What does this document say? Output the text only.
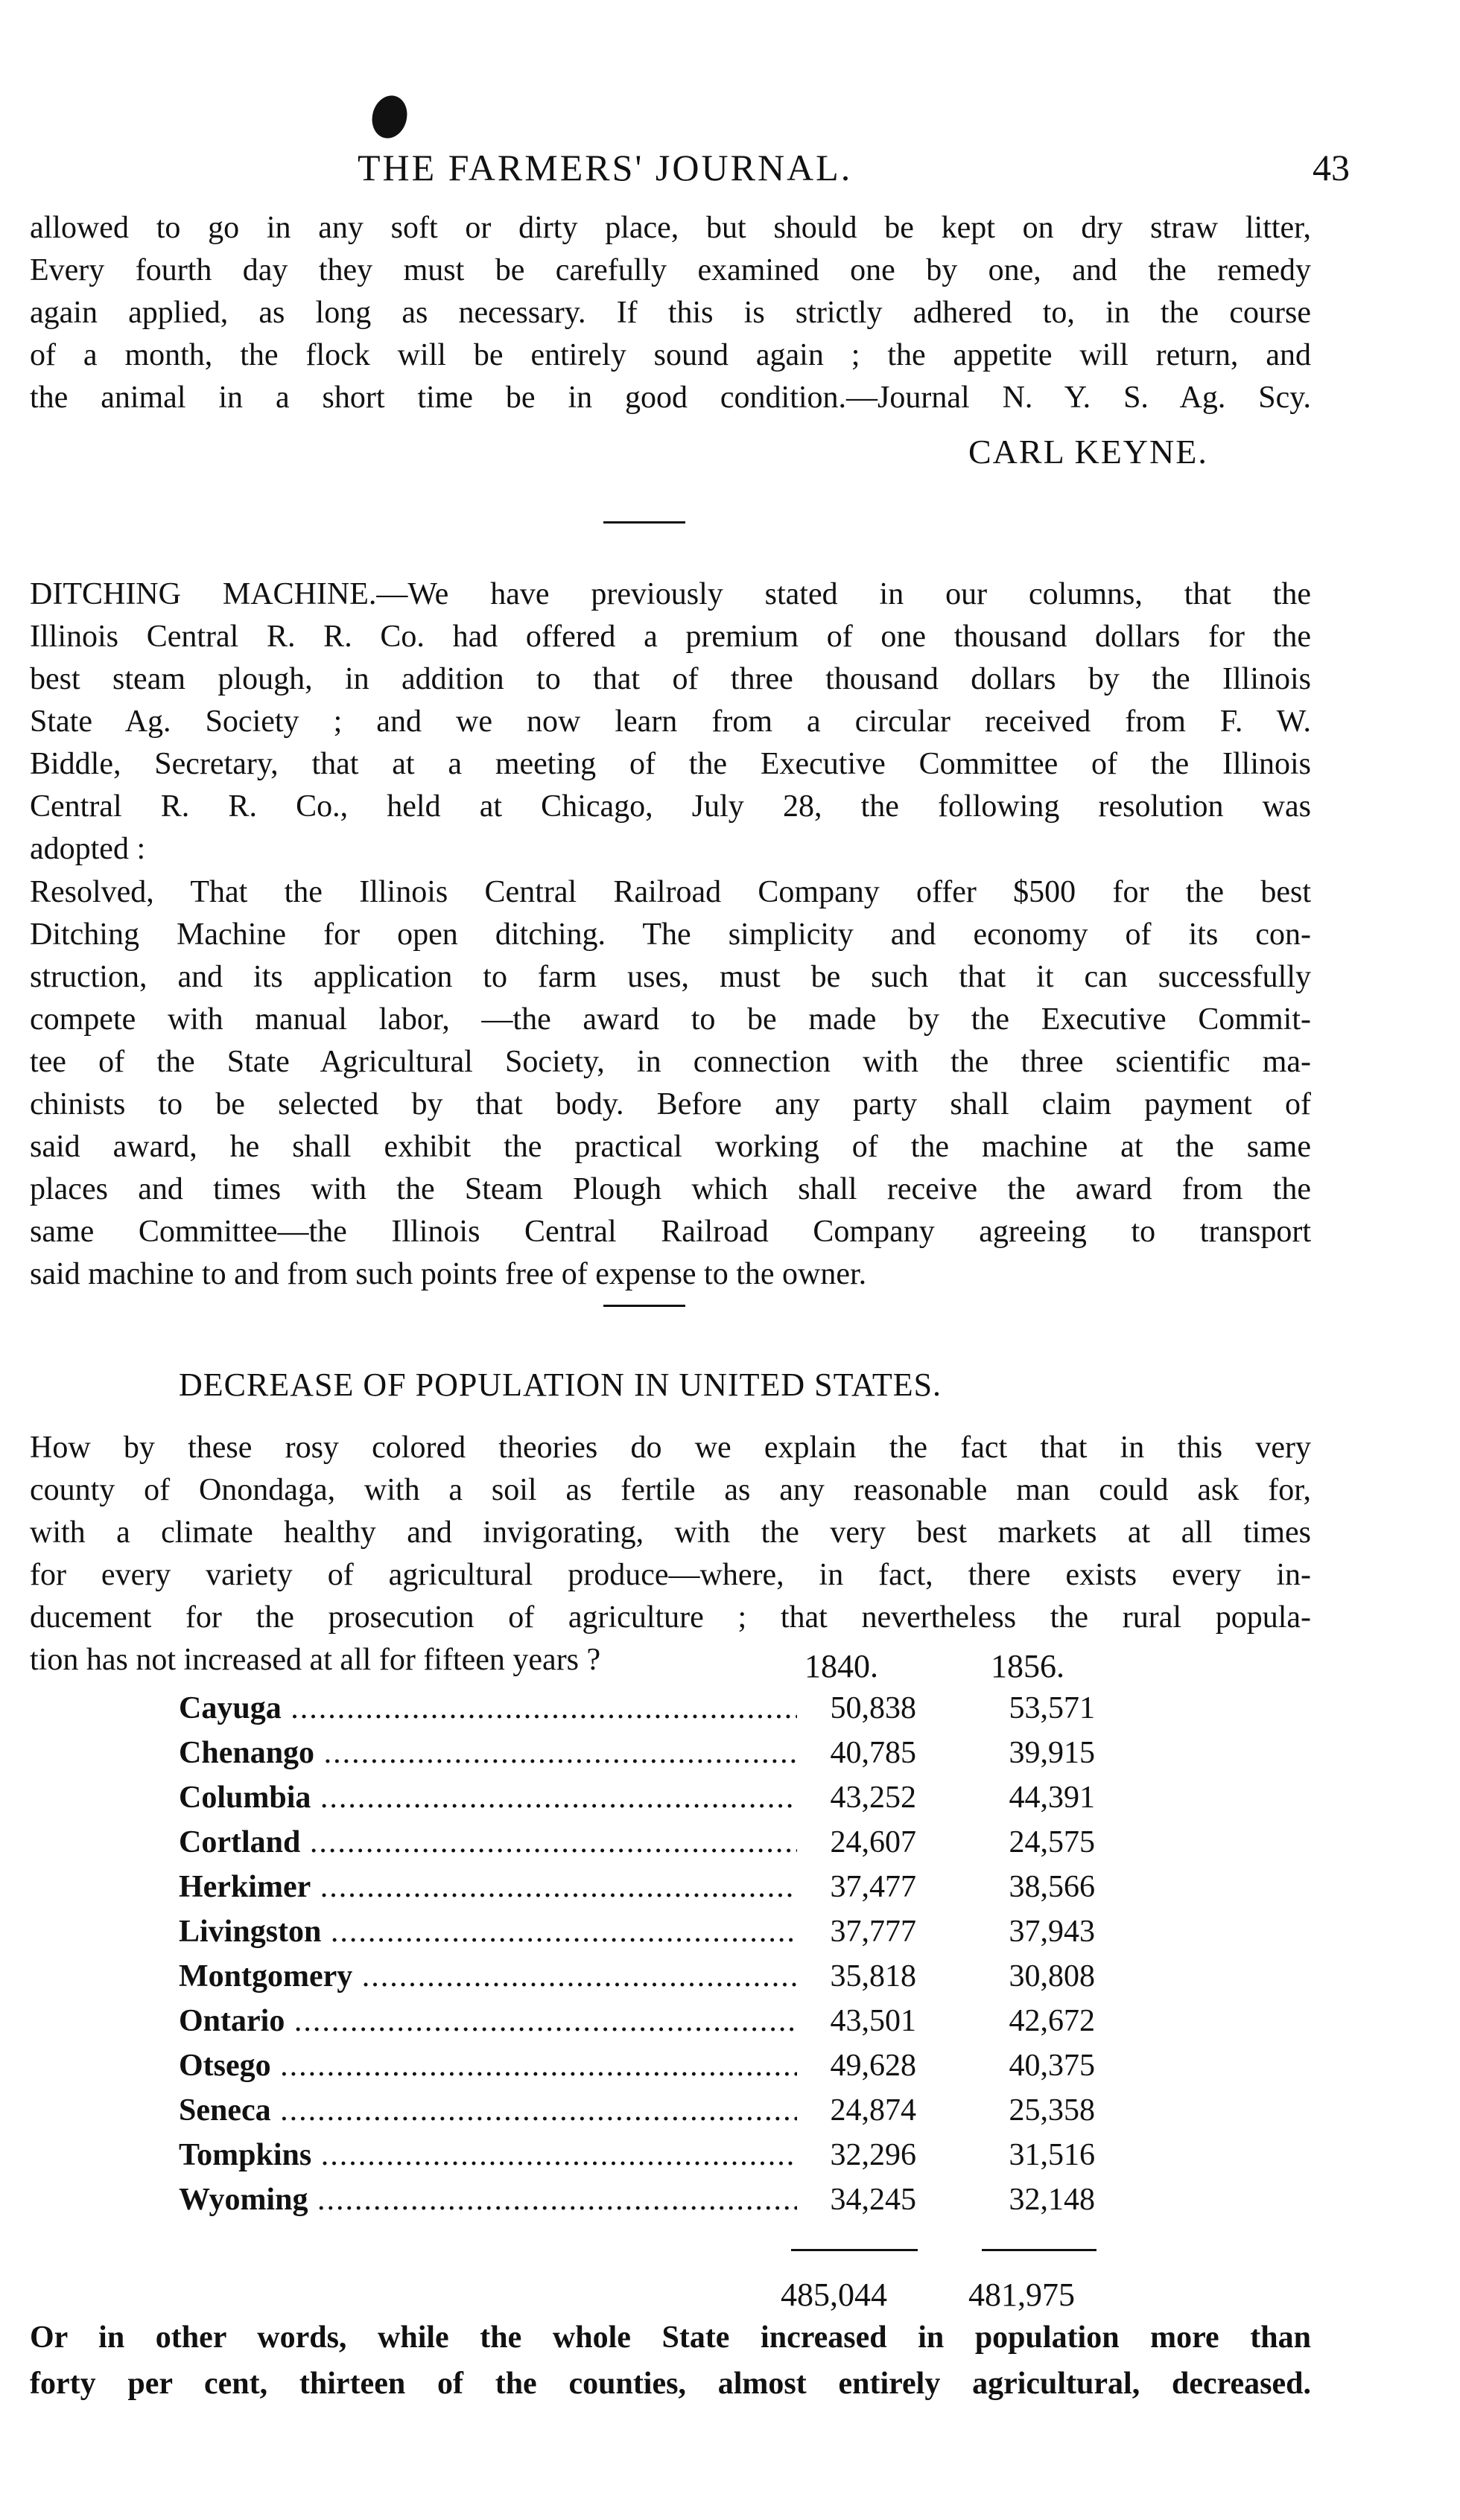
THE FARMERS' JOURNAL.	43
allowed to go in any soft or dirty place, but should be kept on dry straw litter,
Every fourth day they must be carefully examined one by one, and the remedy
again applied, as long as necessary. If this is strictly adhered to, in the course
of a month, the flock will be entirely sound again ; the appetite will return, and
the animal in a short time be in good condition.—Journal N. Y. S. Ag. Scy.
CARL KEYNE.
DITCHING MACHINE.—We have previously stated in our columns, that the
Illinois Central R. R. Co. had offered a premium of one thousand dollars for the
best steam plough, in addition to that of three thousand dollars by the Illinois
State Ag. Society ; and we now learn from a circular received from F. W.
Biddle, Secretary, that at a meeting of the Executive Committee of the Illinois
Central R. R. Co., held at Chicago, July 28, the following resolution was
adopted :
Resolved, That the Illinois Central Railroad Company offer $500 for the best
Ditching Machine for open ditching. The simplicity and economy of its con-
struction, and its application to farm uses, must be such that it can successfully
compete with manual labor, —the award to be made by the Executive Commit-
tee of the State Agricultural Society, in connection with the three scientific ma-
chinists to be selected by that body. Before any party shall claim payment of
said award, he shall exhibit the practical working of the machine at the same
places and times with the Steam Plough which shall receive the award from the
same Committee—the Illinois Central Railroad Company agreeing to transport
said machine to and from such points free of expense to the owner.
DECREASE OF POPULATION IN UNITED STATES.
How by these rosy colored theories do we explain the fact that in this very
county of Onondaga, with a soil as fertile as any reasonable man could ask for,
with a climate healthy and invigorating, with the very best markets at all times
for every variety of agricultural produce—where, in fact, there exists every in-
ducement for the prosecution of agriculture ; that nevertheless the rural popula-
tion has not increased at all for fifteen years ?	1840.	1856.
Cayuga .....	50,838	53,571
Chenango .....	40,785	39,915
Columbia .....	43,252	44,391
Cortland .....	24,607	24,575
Herkimer .....	37,477	38,566
Livingston .....	37,777	37,943
Montgomery .....	35,818	30,808
Ontario .....	43,501	42,672
Otsego .....	49,628	40,375
Seneca .....	24,874	25,358
Tompkins .....	32,296	31,516
Wyoming .....	34,245	32,148
485,044 481,975
Or in other words, while the whole State increased in population more than
forty per cent, thirteen of the counties, almost entirely agricultural, decreased.
